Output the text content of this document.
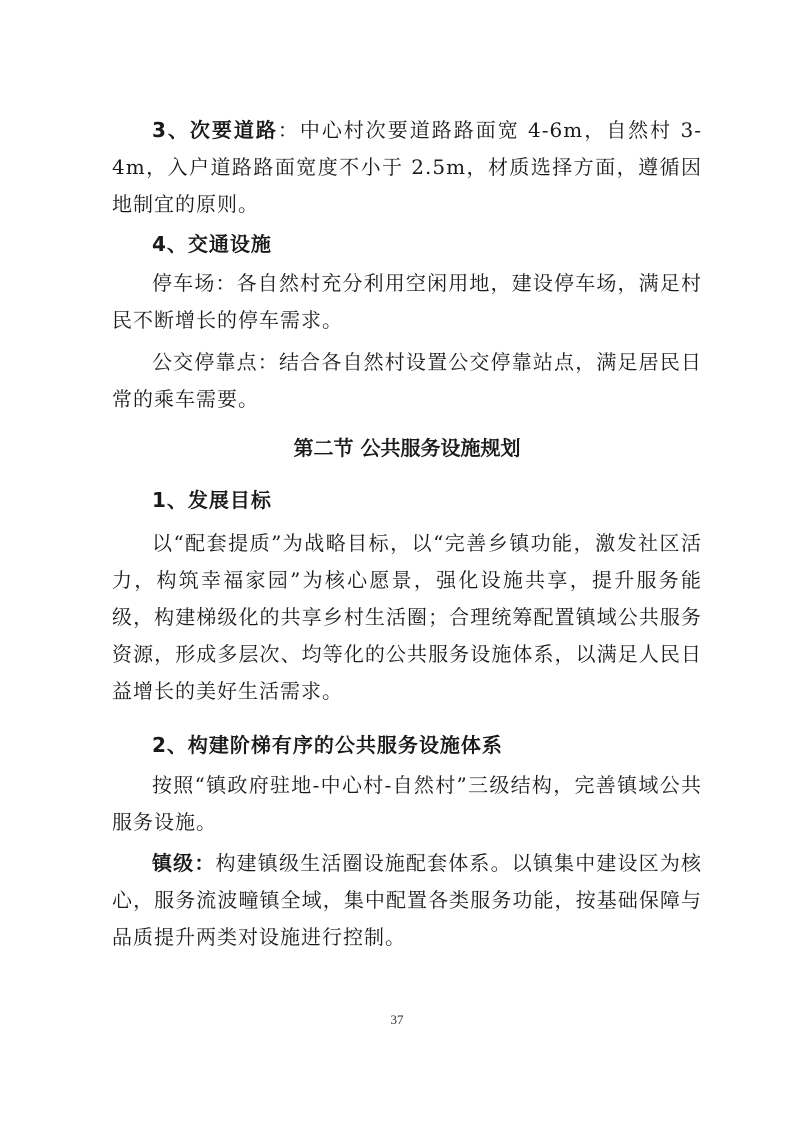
3、次要道路：中心村次要道路路面宽 4-6m，自然村 3-4m，入户道路路面宽度不小于 2.5m，材质选择方面，遵循因地制宜的原则。

4、交通设施

停车场：各自然村充分利用空闲用地，建设停车场，满足村民不断增长的停车需求。

公交停靠点：结合各自然村设置公交停靠站点，满足居民日常的乘车需要。

第二节 公共服务设施规划
1、发展目标

以“配套提质”为战略目标，以“完善乡镇功能，激发社区活力，构筑幸福家园”为核心愿景，强化设施共享，提升服务能级，构建梯级化的共享乡村生活圈；合理统筹配置镇域公共服务资源，形成多层次、均等化的公共服务设施体系，以满足人民日益增长的美好生活需求。

2、构建阶梯有序的公共服务设施体系

按照“镇政府驻地-中心村-自然村”三级结构，完善镇域公共服务设施。

镇级：构建镇级生活圈设施配套体系。以镇集中建设区为核心，服务流波疃镇全域，集中配置各类服务功能，按基础保障与品质提升两类对设施进行控制。

37
